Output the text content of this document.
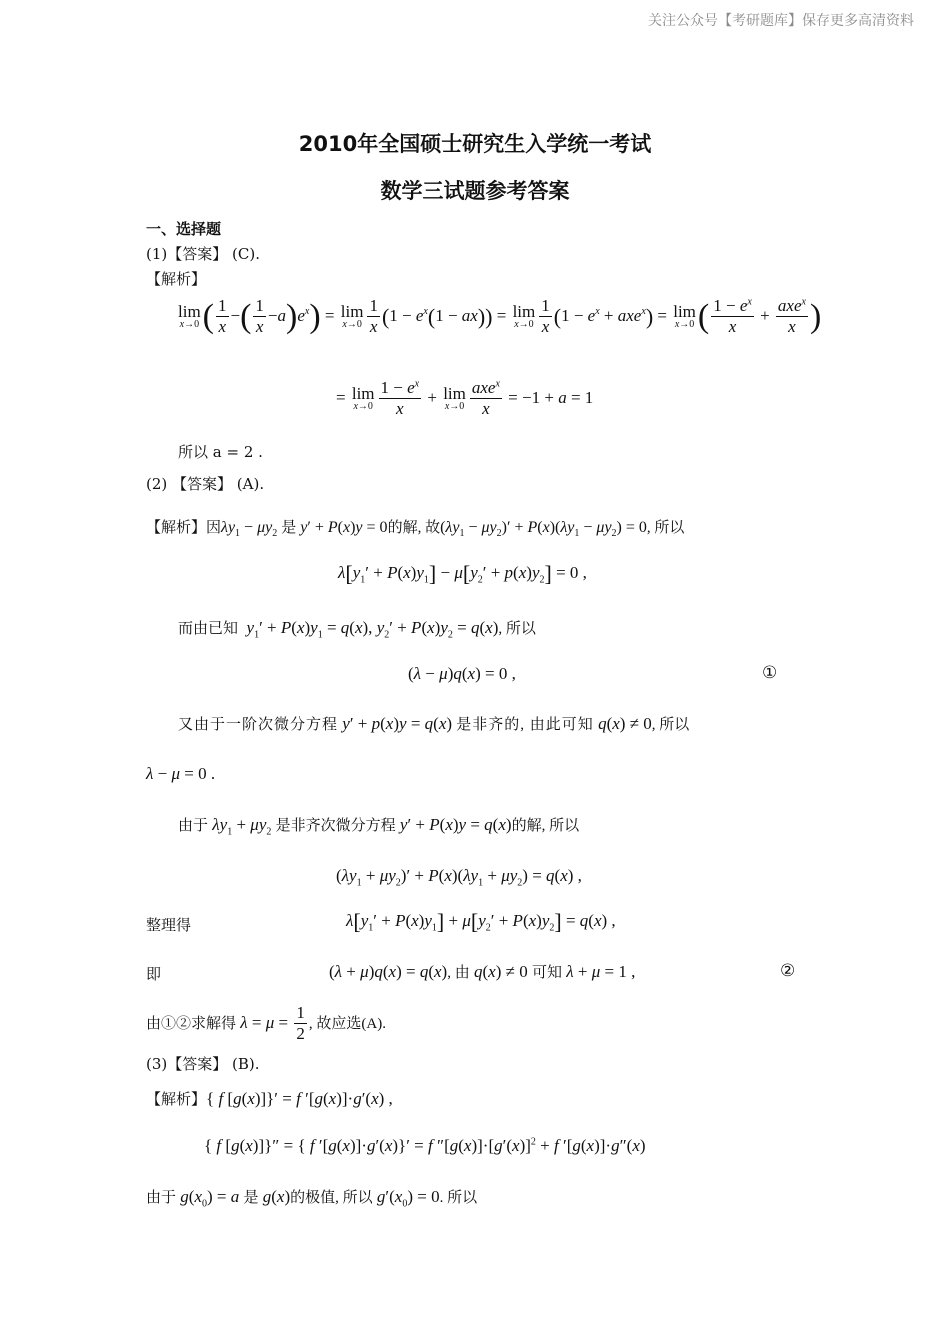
关注公众号【考研题库】保存更多高清资料
2010年全国硕士研究生入学统一考试
数学三试题参考答案
一、选择题
(1)【答案】 (C).
【解析】
lim
x→0 ( $\frac{1}{x}$ −( $\frac{1}{x} -a)e^x) = \lim$
$x\to 0 \frac{1}{x} (1 - e^x(1 - ax)) = \lim$
$x\to 0 \frac{1}{x} (1 - e^x + axe^x) = \lim$
x→0 ( $\frac{1 - e^x}{x} + \frac{axe^x}{x}$ )
= lim
$x\to 0 \frac{1 - e^x}{x} + \lim$
$x\to 0 \frac{axe^x}{x} = -1 + a = 1$
所以 a = 2 .
(2) 【答案】 (A).
【解析】因$\lambda y_1 - \mu y_2$ 是 y′ + P(x)y = 0的解, 故$(\lambda y_1 - \mu y_2)' + P(x)(\lambda y_1 - \mu y_2) = 0$, 所以
$\lambda[y_1' + P(x)y_1] - \mu[y_2' + p(x)y_2] = 0$ ,
而由已知 $y_1' + P(x)y_1 = q(x)$, $y_2' + P(x)y_2 = q(x)$, 所以
(λ − μ)q(x) = 0 ,	①
又由于一阶次微分方程 y′ + p(x)y = q(x) 是非齐的, 由此可知 q(x) ≠ 0, 所以
λ − μ = 0 .
由于 $\lambda y_1 + \mu y_2$ 是非齐次微分方程 y′ + P(x)y = q(x)的解, 所以
$(\lambda y_1 + \mu y_2)' + P(x)(\lambda y_1 + \mu y_2) = q(x)$ ,
整理得	$\lambda[y_1' + P(x)y_1] + \mu[y_2' + P(x)y_2] = q(x)$ ,
即	(λ + μ)q(x) = q(x), 由 q(x) ≠ 0 可知 λ + μ = 1 ,	②
由①②求解得 $\lambda = \mu = \frac{1}{2}$ , 故应选(A).
(3)【答案】 (B).
【解析】{ f [g(x)]}′ = f ′[g(x)]·g′(x) ,
{ f [g(x)]}″ = { f ′[g(x)]·g′(x)}′ = f $''[g(x)]\cdot[g'(x)]^2 + f$ ′[g(x)]·g″(x)
由于 $g(x_0) = a$ 是 g(x)的极值, 所以 $g'(x_0) = 0$. 所以
